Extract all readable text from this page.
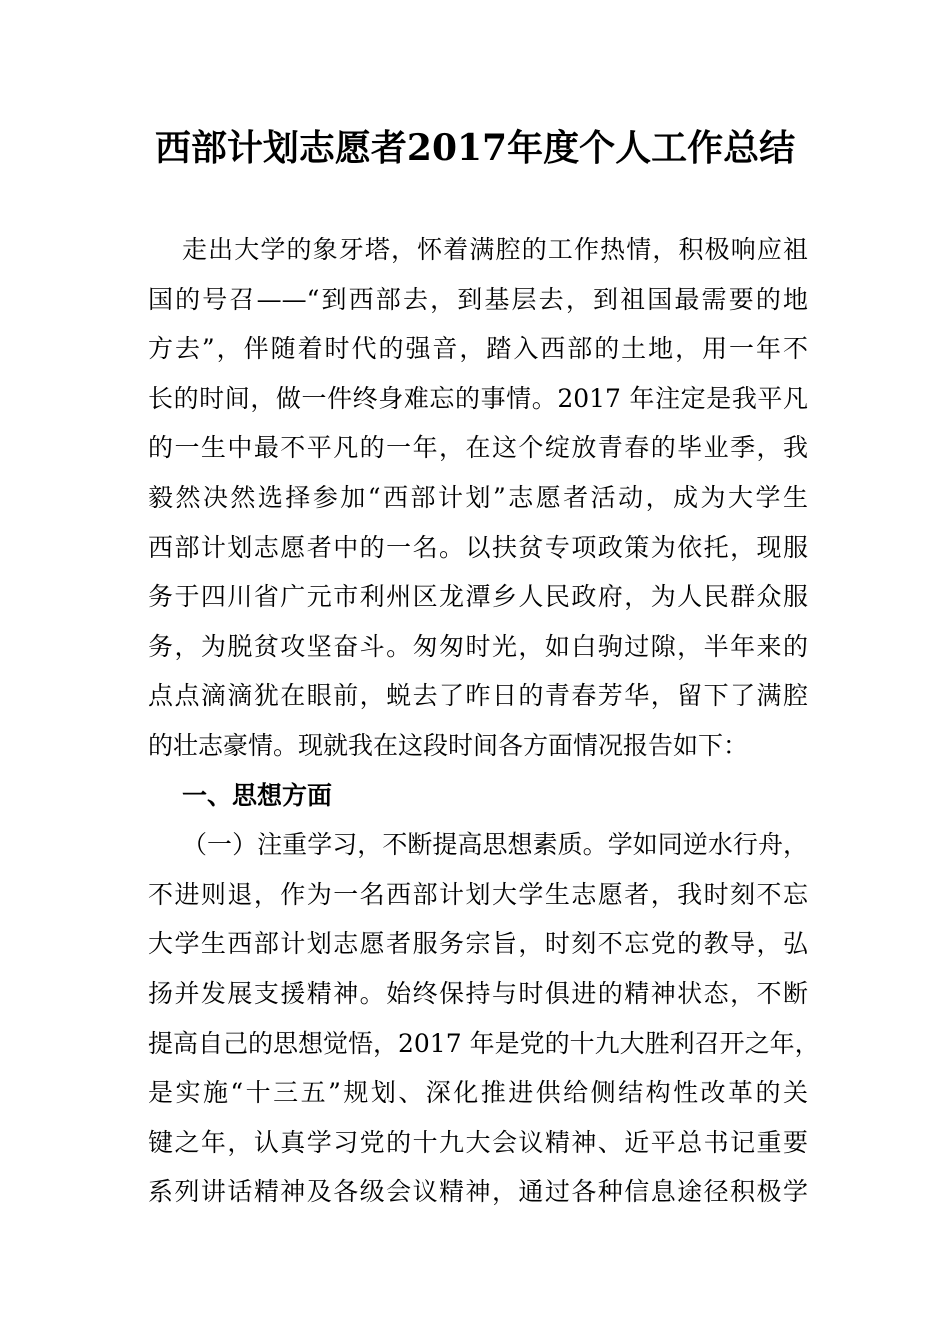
西部计划志愿者2017年度个人工作总结
走出大学的象牙塔，怀着满腔的工作热情，积极响应祖
国的号召——“到西部去，到基层去，到祖国最需要的地
方去”，伴随着时代的强音，踏入西部的土地，用一年不
长的时间，做一件终身难忘的事情。2017 年注定是我平凡
的一生中最不平凡的一年，在这个绽放青春的毕业季，我
毅然决然选择参加“西部计划”志愿者活动，成为大学生
西部计划志愿者中的一名。以扶贫专项政策为依托，现服
务于四川省广元市利州区龙潭乡人民政府，为人民群众服
务，为脱贫攻坚奋斗。匆匆时光，如白驹过隙，半年来的
点点滴滴犹在眼前，蜕去了昨日的青春芳华，留下了满腔
的壮志豪情。现就我在这段时间各方面情况报告如下：
一、思想方面
（一）注重学习，不断提高思想素质。学如同逆水行舟，
不进则退，作为一名西部计划大学生志愿者，我时刻不忘
大学生西部计划志愿者服务宗旨，时刻不忘党的教导，弘
扬并发展支援精神。始终保持与时俱进的精神状态，不断
提高自己的思想觉悟，2017 年是党的十九大胜利召开之年，
是实施“十三五”规划、深化推进供给侧结构性改革的关
键之年，认真学习党的十九大会议精神、近平总书记重要
系列讲话精神及各级会议精神，通过各种信息途径积极学
